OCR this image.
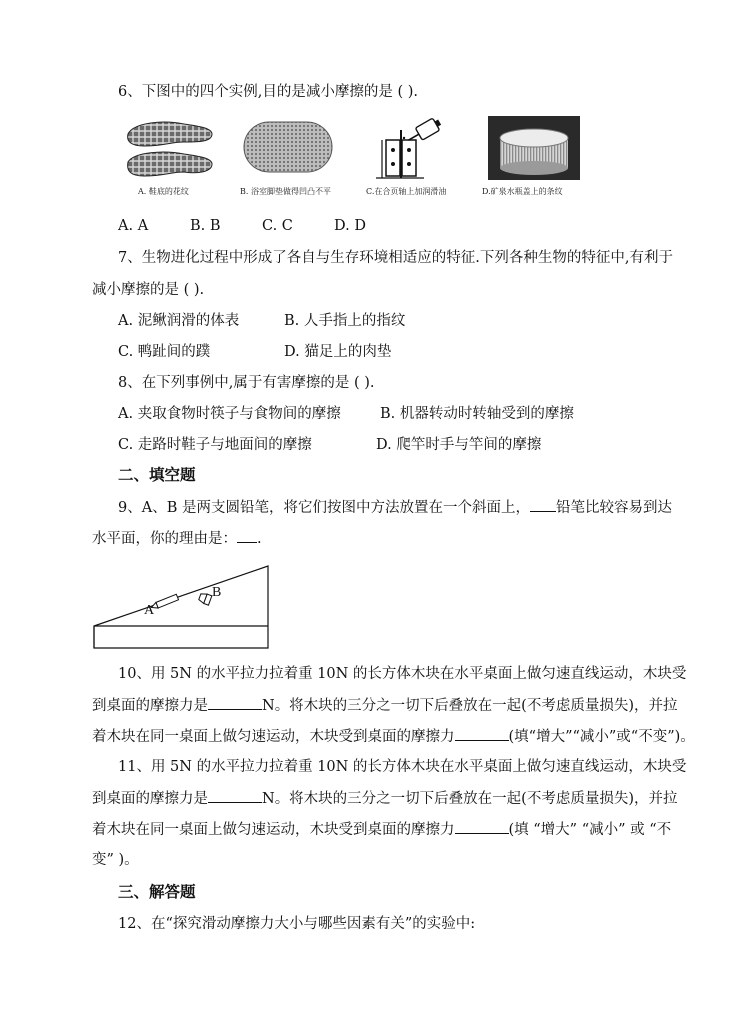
6、下图中的四个实例,目的是减小摩擦的是 ( ).
A. 鞋底的花纹	B. 浴室脚垫做得凹凸不平	C.在合页轴上加润滑油	D.矿泉水瓶盖上的条纹
A. A	B. B	C. C	D. D
7、生物进化过程中形成了各自与生存环境相适应的特征.下列各种生物的特征中,有利于
减小摩擦的是 ( ).
A. 泥鳅润滑的体表	B. 人手指上的指纹
C. 鸭趾间的蹼	D. 猫足上的肉垫
8、在下列事例中,属于有害摩擦的是 ( ).
A. 夹取食物时筷子与食物间的摩擦	B. 机器转动时转轴受到的摩擦
C. 走路时鞋子与地面间的摩擦	D. 爬竿时手与竿间的摩擦
二、填空题
9、A、B 是两支圆铅笔，将它们按图中方法放置在一个斜面上， 铅笔比较容易到达
水平面，你的理由是： .
A
B
10、用 5N 的水平拉力拉着重 10N 的长方体木块在水平桌面上做匀速直线运动，木块受
到桌面的摩擦力是	N。将木块的三分之一切下后叠放在一起(不考虑质量损失)，并拉
着木块在同一桌面上做匀速运动，木块受到桌面的摩擦力	(填“增大”“减小”或“不变”)。
11、用 5N 的水平拉力拉着重 10N 的长方体木块在水平桌面上做匀速直线运动，木块受
到桌面的摩擦力是	N。将木块的三分之一切下后叠放在一起(不考虑质量损失)，并拉
着木块在同一桌面上做匀速运动，木块受到桌面的摩擦力	(填 “增大” “减小” 或 “不
变” )。
三、解答题
12、在“探究滑动摩擦力大小与哪些因素有关”的实验中:
